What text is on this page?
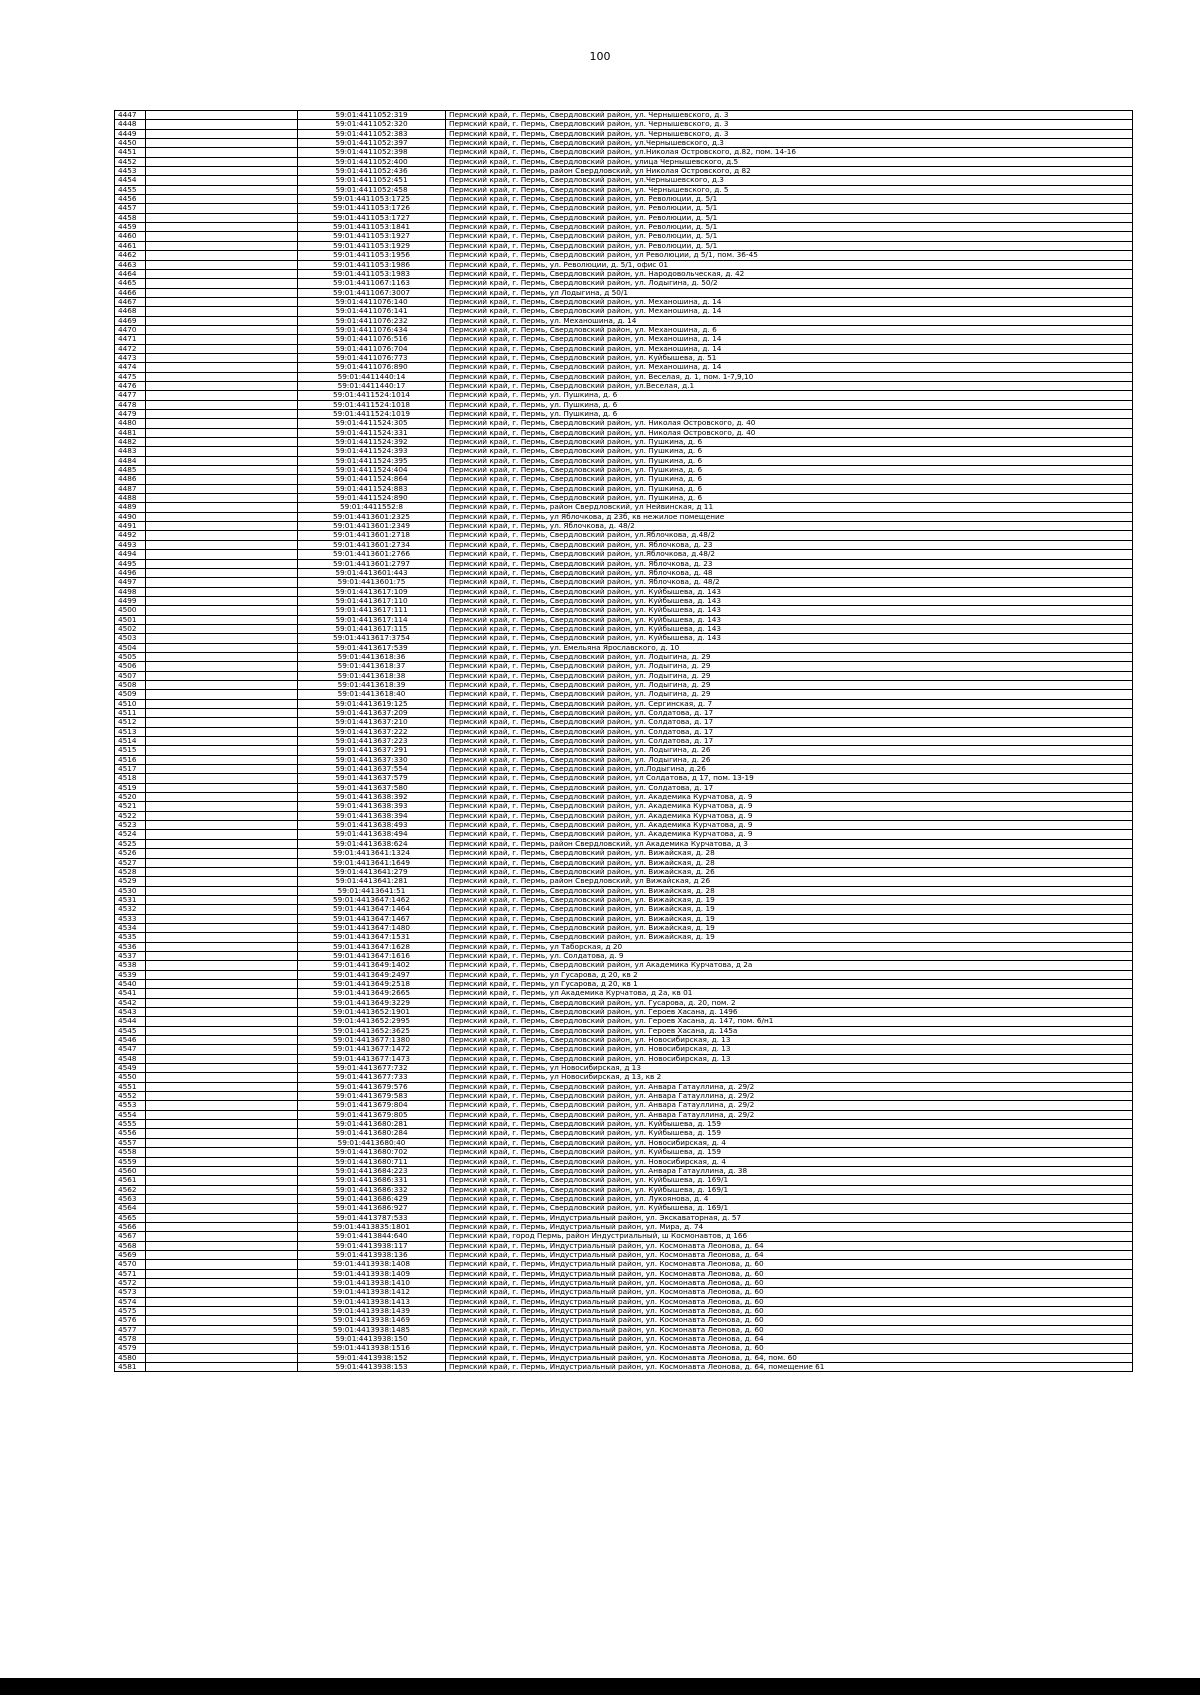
100
4447		59:01:4411052:319	Пермский край, г. Пермь, Свердловский район, ул. Чернышевского, д. 3
4448		59:01:4411052:320	Пермский край, г. Пермь, Свердловский район, ул. Чернышевского, д. 3
4449		59:01:4411052:383	Пермский край, г. Пермь, Свердловский район, ул. Чернышевского, д. 3
4450		59:01:4411052:397	Пермский край, г. Пермь, Свердловский район, ул.Чернышевского, д.3
4451		59:01:4411052:398	Пермский край, г. Пермь, Свердловский район, ул.Николая Островского, д.82, пом. 14-16
4452		59:01:4411052:400	Пермский край, г. Пермь, Свердловский район, улица Чернышевского, д.5
4453		59:01:4411052:436	Пермский край, г. Пермь, район Свердловский, ул Николая Островского, д 82
4454		59:01:4411052:451	Пермский край, г. Пермь, Свердловский район, ул.Чернышевского, д.3
4455		59:01:4411052:458	Пермский край, г. Пермь, Свердловский район, ул. Чернышевского, д. 5
4456		59:01:4411053:1725	Пермский край, г. Пермь, Свердловский район, ул. Революции, д. 5/1
4457		59:01:4411053:1726	Пермский край, г. Пермь, Свердловский район, ул. Революции, д. 5/1
4458		59:01:4411053:1727	Пермский край, г. Пермь, Свердловский район, ул. Революции, д. 5/1
4459		59:01:4411053:1841	Пермский край, г. Пермь, Свердловский район, ул. Революции, д. 5/1
4460		59:01:4411053:1927	Пермский край, г. Пермь, Свердловский район, ул. Революции, д. 5/1
4461		59:01:4411053:1929	Пермский край, г. Пермь, Свердловский район, ул. Революции, д. 5/1
4462		59:01:4411053:1956	Пермский край, г. Пермь, Свердловский район, ул Революции, д 5/1, пом. 36-45
4463		59:01:4411053:1986	Пермский край, г. Пермь, ул. Революции, д. 5/1, офис 01
4464		59:01:4411053:1983	Пермский край, г. Пермь, Свердловский район, ул. Народовольческая, д. 42
4465		59:01:4411067:1163	Пермский край, г. Пермь, Свердловский район, ул. Лодыгина, д. 50/2
4466		59:01:4411067:3007	Пермский край, г. Пермь, ул Лодыгина, д 50/1
4467		59:01:4411076:140	Пермский край, г. Пермь, Свердловский район, ул. Механошина, д. 14
4468		59:01:4411076:141	Пермский край, г. Пермь, Свердловский район, ул. Механошина, д. 14
4469		59:01:4411076:232	Пермский край, г. Пермь, ул. Механошина, д. 14
4470		59:01:4411076:434	Пермский край, г. Пермь, Свердловский район, ул. Механошина, д. 6
4471		59:01:4411076:516	Пермский край, г. Пермь, Свердловский район, ул. Механошина, д. 14
4472		59:01:4411076:704	Пермский край, г. Пермь, Свердловский район, ул. Механошина, д. 14
4473		59:01:4411076:773	Пермский край, г. Пермь, Свердловский район, ул. Куйбышева, д. 51
4474		59:01:4411076:890	Пермский край, г. Пермь, Свердловский район, ул. Механошина, д. 14
4475		59:01:4411440:14	Пермский край, г. Пермь, Свердловский район, ул. Веселая, д. 1, пом. 1-7,9,10
4476		59:01:4411440:17	Пермский край, г. Пермь, Свердловский район, ул.Веселая, д.1
4477		59:01:4411524:1014	Пермский край, г. Пермь, ул. Пушкина, д. 6
4478		59:01:4411524:1018	Пермский край, г. Пермь, ул. Пушкина, д. 6
4479		59:01:4411524:1019	Пермский край, г. Пермь, ул. Пушкина, д. 6
4480		59:01:4411524:305	Пермский край, г. Пермь, Свердловский район, ул. Николая Островского, д. 40
4481		59:01:4411524:331	Пермский край, г. Пермь, Свердловский район, ул. Николая Островского, д. 40
4482		59:01:4411524:392	Пермский край, г. Пермь, Свердловский район, ул. Пушкина, д. 6
4483		59:01:4411524:393	Пермский край, г. Пермь, Свердловский район, ул. Пушкина, д. 6
4484		59:01:4411524:395	Пермский край, г. Пермь, Свердловский район, ул. Пушкина, д. 6
4485		59:01:4411524:404	Пермский край, г. Пермь, Свердловский район, ул. Пушкина, д. 6
4486		59:01:4411524:864	Пермский край, г. Пермь, Свердловский район, ул. Пушкина, д. 6
4487		59:01:4411524:883	Пермский край, г. Пермь, Свердловский район, ул. Пушкина, д. 6
4488		59:01:4411524:890	Пермский край, г. Пермь, Свердловский район, ул. Пушкина, д. 6
4489		59:01:4411552:8	Пермский край, г. Пермь, район Свердловский, ул Нейвинская, д 11
4490		59:01:4413601:2325	Пермский край, г. Пермь, ул Яблочкова, д 23б, кв нежилое помещение
4491		59:01:4413601:2349	Пермский край, г. Пермь, ул. Яблочкова, д. 48/2
4492		59:01:4413601:2718	Пермский край, г. Пермь, Свердловский район, ул.Яблочкова, д.48/2
4493		59:01:4413601:2734	Пермский край, г. Пермь, Свердловский район, ул. Яблочкова, д. 23
4494		59:01:4413601:2766	Пермский край, г. Пермь, Свердловский район, ул.Яблочкова, д.48/2
4495		59:01:4413601:2797	Пермский край, г. Пермь, Свердловский район, ул. Яблочкова, д. 23
4496		59:01:4413601:443	Пермский край, г. Пермь, Свердловский район, ул. Яблочкова, д. 48
4497		59:01:4413601:75	Пермский край, г. Пермь, Свердловский район, ул. Яблочкова, д. 48/2
4498		59:01:4413617:109	Пермский край, г. Пермь, Свердловский район, ул. Куйбышева, д. 143
4499		59:01:4413617:110	Пермский край, г. Пермь, Свердловский район, ул. Куйбышева, д. 143
4500		59:01:4413617:111	Пермский край, г. Пермь, Свердловский район, ул. Куйбышева, д. 143
4501		59:01:4413617:114	Пермский край, г. Пермь, Свердловский район, ул. Куйбышева, д. 143
4502		59:01:4413617:115	Пермский край, г. Пермь, Свердловский район, ул. Куйбышева, д. 143
4503		59:01:4413617:3754	Пермский край, г. Пермь, Свердловский район, ул. Куйбышева, д. 143
4504		59:01:4413617:539	Пермский край, г. Пермь, ул. Емельяна Ярославского, д. 10
4505		59:01:4413618:36	Пермский край, г. Пермь, Свердловский район, ул. Лодыгина, д. 29
4506		59:01:4413618:37	Пермский край, г. Пермь, Свердловский район, ул. Лодыгина, д. 29
4507		59:01:4413618:38	Пермский край, г. Пермь, Свердловский район, ул. Лодыгина, д. 29
4508		59:01:4413618:39	Пермский край, г. Пермь, Свердловский район, ул. Лодыгина, д. 29
4509		59:01:4413618:40	Пермский край, г. Пермь, Свердловский район, ул. Лодыгина, д. 29
4510		59:01:4413619:125	Пермский край, г. Пермь, Свердловский район, ул. Сергинская, д. 7
4511		59:01:4413637:209	Пермский край, г. Пермь, Свердловский район, ул. Солдатова, д. 17
4512		59:01:4413637:210	Пермский край, г. Пермь, Свердловский район, ул. Солдатова, д. 17
4513		59:01:4413637:222	Пермский край, г. Пермь, Свердловский район, ул. Солдатова, д. 17
4514		59:01:4413637:223	Пермский край, г. Пермь, Свердловский район, ул. Солдатова, д. 17
4515		59:01:4413637:291	Пермский край, г. Пермь, Свердловский район, ул. Лодыгина, д. 26
4516		59:01:4413637:330	Пермский край, г. Пермь, Свердловский район, ул. Лодыгина, д. 26
4517		59:01:4413637:554	Пермский край, г. Пермь, Свердловский район, ул.Лодыгина, д.26
4518		59:01:4413637:579	Пермский край, г. Пермь, Свердловский район, ул Солдатова, д 17, пом. 13-19
4519		59:01:4413637:580	Пермский край, г. Пермь, Свердловский район, ул. Солдатова, д. 17
4520		59:01:4413638:392	Пермский край, г. Пермь, Свердловский район, ул. Академика Курчатова, д. 9
4521		59:01:4413638:393	Пермский край, г. Пермь, Свердловский район, ул. Академика Курчатова, д. 9
4522		59:01:4413638:394	Пермский край, г. Пермь, Свердловский район, ул. Академика Курчатова, д. 9
4523		59:01:4413638:493	Пермский край, г. Пермь, Свердловский район, ул. Академика Курчатова, д. 9
4524		59:01:4413638:494	Пермский край, г. Пермь, Свердловский район, ул. Академика Курчатова, д. 9
4525		59:01:4413638:624	Пермский край, г. Пермь, район Свердловский, ул Академика Курчатова, д 3
4526		59:01:4413641:1324	Пермский край, г. Пермь, Свердловский район, ул. Вижайская, д. 28
4527		59:01:4413641:1649	Пермский край, г. Пермь, Свердловский район, ул. Вижайская, д. 28
4528		59:01:4413641:279	Пермский край, г. Пермь, Свердловский район, ул. Вижайская, д. 26
4529		59:01:4413641:281	Пермский край, г. Пермь, район Свердловский, ул Вижайская, д 26
4530		59:01:4413641:51	Пермский край, г. Пермь, Свердловский район, ул. Вижайская, д. 28
4531		59:01:4413647:1462	Пермский край, г. Пермь, Свердловский район, ул. Вижайская, д. 19
4532		59:01:4413647:1464	Пермский край, г. Пермь, Свердловский район, ул. Вижайская, д. 19
4533		59:01:4413647:1467	Пермский край, г. Пермь, Свердловский район, ул. Вижайская, д. 19
4534		59:01:4413647:1480	Пермский край, г. Пермь, Свердловский район, ул. Вижайская, д. 19
4535		59:01:4413647:1531	Пермский край, г. Пермь, Свердловский район, ул. Вижайская, д. 19
4536		59:01:4413647:1628	Пермский край, г. Пермь, ул Таборская, д 20
4537		59:01:4413647:1616	Пермский край, г. Пермь, ул. Солдатова, д. 9
4538		59:01:4413649:1402	Пермский край, г. Пермь, Свердловский район, ул Академика Курчатова, д 2а
4539		59:01:4413649:2497	Пермский край, г. Пермь, ул Гусарова, д 20, кв 2
4540		59:01:4413649:2518	Пермский край, г. Пермь, ул Гусарова, д 20, кв 1
4541		59:01:4413649:2665	Пермский край, г. Пермь, ул Академика Курчатова, д 2а, кв 01
4542		59:01:4413649:3229	Пермский край, г. Пермь, Свердловский район, ул. Гусарова, д. 20, пом. 2
4543		59:01:4413652:1901	Пермский край, г. Пермь, Свердловский район, ул. Героев Хасана, д. 1496
4544		59:01:4413652:2995	Пермский край, г. Пермь, Свердловский район, ул. Героев Хасана, д. 147, пом. 6/н1
4545		59:01:4413652:3625	Пермский край, г. Пермь, Свердловский район, ул. Героев Хасана, д. 145а
4546		59:01:4413677:1380	Пермский край, г. Пермь, Свердловский район, ул. Новосибирская, д. 13
4547		59:01:4413677:1472	Пермский край, г. Пермь, Свердловский район, ул. Новосибирская, д. 13
4548		59:01:4413677:1473	Пермский край, г. Пермь, Свердловский район, ул. Новосибирская, д. 13
4549		59:01:4413677:732	Пермский край, г. Пермь, ул Новосибирская, д 13
4550		59:01:4413677:733	Пермский край, г. Пермь, ул Новосибирская, д 13, кв 2
4551		59:01:4413679:576	Пермский край, г. Пермь, Свердловский район, ул. Анвара Гатауллина, д. 29/2
4552		59:01:4413679:583	Пермский край, г. Пермь, Свердловский район, ул. Анвара Гатауллина, д. 29/2
4553		59:01:4413679:804	Пермский край, г. Пермь, Свердловский район, ул. Анвара Гатауллина, д. 29/2
4554		59:01:4413679:805	Пермский край, г. Пермь, Свердловский район, ул. Анвара Гатауллина, д. 29/2
4555		59:01:4413680:281	Пермский край, г. Пермь, Свердловский район, ул. Куйбышева, д. 159
4556		59:01:4413680:284	Пермский край, г. Пермь, Свердловский район, ул. Куйбышева, д. 159
4557		59:01:4413680:40	Пермский край, г. Пермь, Свердловский район, ул. Новосибирская, д. 4
4558		59:01:4413680:702	Пермский край, г. Пермь, Свердловский район, ул. Куйбышева, д. 159
4559		59:01:4413680:711	Пермский край, г. Пермь, Свердловский район, ул. Новосибирская, д. 4
4560		59:01:4413684:223	Пермский край, г. Пермь, Свердловский район, ул. Анвара Гатауллина, д. 38
4561		59:01:4413686:331	Пермский край, г. Пермь, Свердловский район, ул. Куйбышева, д. 169/1
4562		59:01:4413686:332	Пермский край, г. Пермь, Свердловский район, ул. Куйбышева, д. 169/1
4563		59:01:4413686:429	Пермский край, г. Пермь, Свердловский район, ул. Лукоянова, д. 4
4564		59:01:4413686:927	Пермский край, г. Пермь, Свердловский район, ул. Куйбышева, д. 169/1
4565		59:01:4413787:533	Пермский край, г. Пермь, Индустриальный район, ул. Экскаваторная, д. 57
4566		59:01:4413835:1801	Пермский край, г. Пермь, Индустриальный район, ул. Мира, д. 74
4567		59:01:4413844:640	Пермский край, город Пермь, район Индустриальный, ш Космонавтов, д 166
4568		59:01:4413938:117	Пермский край, г. Пермь, Индустриальный район, ул. Космонавта Леонова, д. 64
4569		59:01:4413938:136	Пермский край, г. Пермь, Индустриальный район, ул. Космонавта Леонова, д. 64
4570		59:01:4413938:1408	Пермский край, г. Пермь, Индустриальный район, ул. Космонавта Леонова, д. 60
4571		59:01:4413938:1409	Пермский край, г. Пермь, Индустриальный район, ул. Космонавта Леонова, д. 60
4572		59:01:4413938:1410	Пермский край, г. Пермь, Индустриальный район, ул. Космонавта Леонова, д. 60
4573		59:01:4413938:1412	Пермский край, г. Пермь, Индустриальный район, ул. Космонавта Леонова, д. 60
4574		59:01:4413938:1413	Пермский край, г. Пермь, Индустриальный район, ул. Космонавта Леонова, д. 60
4575		59:01:4413938:1439	Пермский край, г. Пермь, Индустриальный район, ул. Космонавта Леонова, д. 60
4576		59:01:4413938:1469	Пермский край, г. Пермь, Индустриальный район, ул. Космонавта Леонова, д. 60
4577		59:01:4413938:1485	Пермский край, г. Пермь, Индустриальный район, ул. Космонавта Леонова, д. 60
4578		59:01:4413938:150	Пермский край, г. Пермь, Индустриальный район, ул. Космонавта Леонова, д. 64
4579		59:01:4413938:1516	Пермский край, г. Пермь, Индустриальный район, ул. Космонавта Леонова, д. 60
4580		59:01:4413938:152	Пермский край, г. Пермь, Индустриальный район, ул. Космонавта Леонова, д. 64, пом. 60
4581		59:01:4413938:153	Пермский край, г. Пермь, Индустриальный район, ул. Космонавта Леонова, д. 64, помещение 61
